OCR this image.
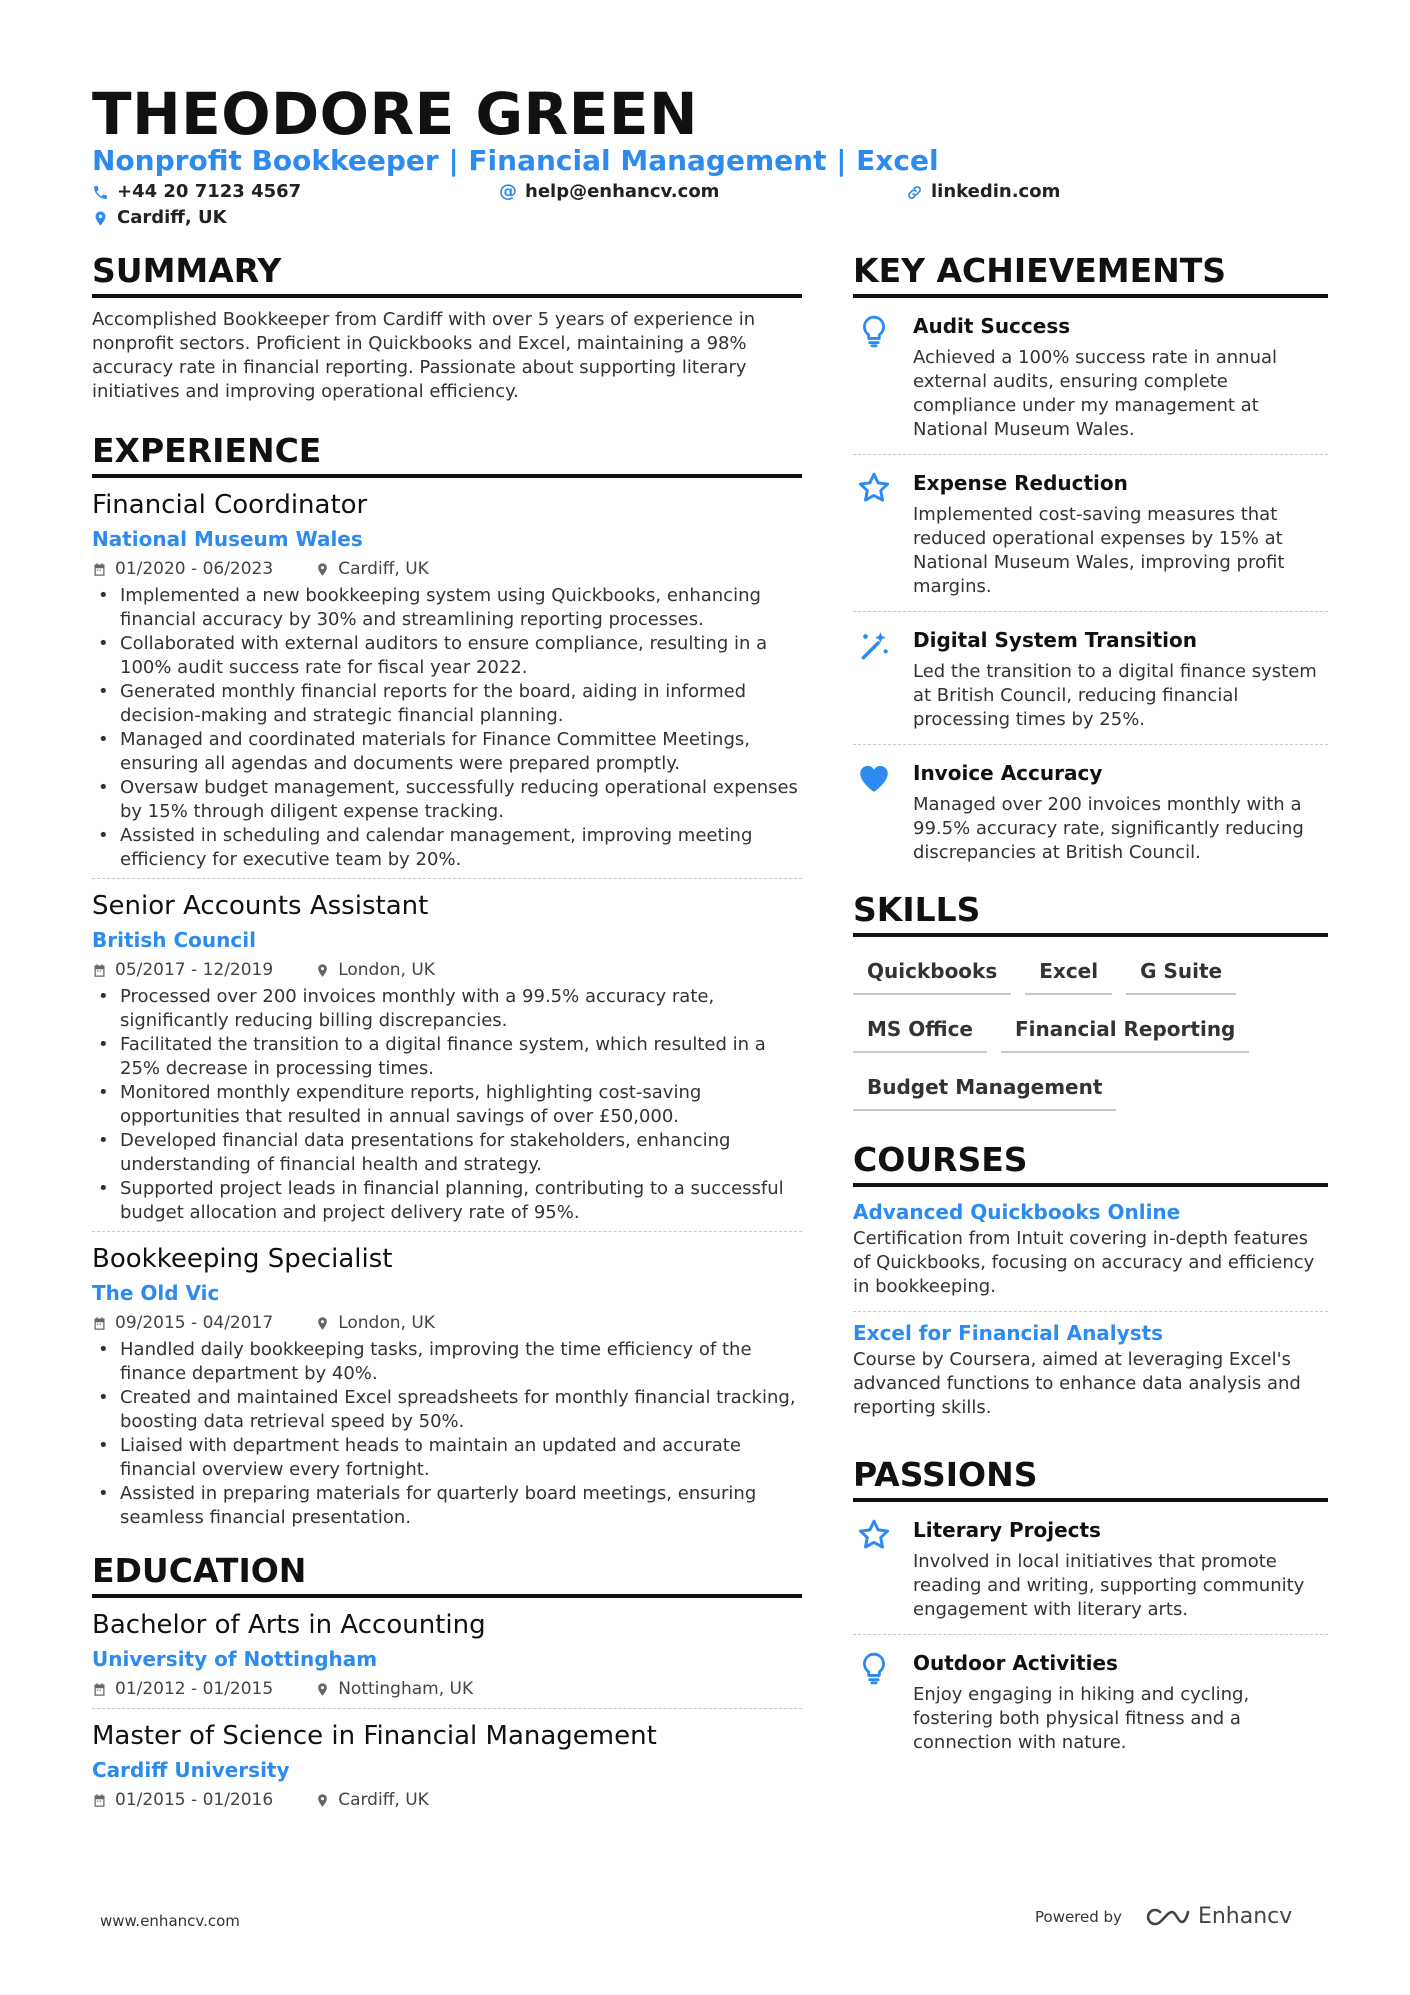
THEODORE GREEN
Nonprofit Bookkeeper | Financial Management | Excel
+44 20 7123 4567	@ help@enhancv.com	linkedin.com
Cardiff, UK
SUMMARY
Accomplished Bookkeeper from Cardiff with over 5 years of experience in nonprofit sectors. Proficient in Quickbooks and Excel, maintaining a 98% accuracy rate in financial reporting. Passionate about supporting literary initiatives and improving operational efficiency.
EXPERIENCE
Financial Coordinator
National Museum Wales
01/2020 - 06/2023	Cardiff, UK
• Implemented a new bookkeeping system using Quickbooks, enhancing financial accuracy by 30% and streamlining reporting processes.
• Collaborated with external auditors to ensure compliance, resulting in a 100% audit success rate for fiscal year 2022.
• Generated monthly financial reports for the board, aiding in informed decision-making and strategic financial planning.
• Managed and coordinated materials for Finance Committee Meetings, ensuring all agendas and documents were prepared promptly.
• Oversaw budget management, successfully reducing operational expenses by 15% through diligent expense tracking.
• Assisted in scheduling and calendar management, improving meeting efficiency for executive team by 20%.
Senior Accounts Assistant
British Council
05/2017 - 12/2019	London, UK
• Processed over 200 invoices monthly with a 99.5% accuracy rate, significantly reducing billing discrepancies.
• Facilitated the transition to a digital finance system, which resulted in a 25% decrease in processing times.
• Monitored monthly expenditure reports, highlighting cost-saving opportunities that resulted in annual savings of over £50,000.
• Developed financial data presentations for stakeholders, enhancing understanding of financial health and strategy.
• Supported project leads in financial planning, contributing to a successful budget allocation and project delivery rate of 95%.
Bookkeeping Specialist
The Old Vic
09/2015 - 04/2017	London, UK
• Handled daily bookkeeping tasks, improving the time efficiency of the finance department by 40%.
• Created and maintained Excel spreadsheets for monthly financial tracking, boosting data retrieval speed by 50%.
• Liaised with department heads to maintain an updated and accurate financial overview every fortnight.
• Assisted in preparing materials for quarterly board meetings, ensuring seamless financial presentation.
EDUCATION
Bachelor of Arts in Accounting
University of Nottingham
01/2012 - 01/2015	Nottingham, UK
Master of Science in Financial Management
Cardiff University
01/2015 - 01/2016	Cardiff, UK
KEY ACHIEVEMENTS
Audit Success
Achieved a 100% success rate in annual external audits, ensuring complete compliance under my management at National Museum Wales.
Expense Reduction
Implemented cost-saving measures that reduced operational expenses by 15% at National Museum Wales, improving profit margins.
Digital System Transition
Led the transition to a digital finance system at British Council, reducing financial processing times by 25%.
Invoice Accuracy
Managed over 200 invoices monthly with a 99.5% accuracy rate, significantly reducing discrepancies at British Council.
SKILLS
Quickbooks	Excel	G Suite
MS Office	Financial Reporting
Budget Management
COURSES
Advanced Quickbooks Online
Certification from Intuit covering in-depth features of Quickbooks, focusing on accuracy and efficiency in bookkeeping.
Excel for Financial Analysts
Course by Coursera, aimed at leveraging Excel's advanced functions to enhance data analysis and reporting skills.
PASSIONS
Literary Projects
Involved in local initiatives that promote reading and writing, supporting community engagement with literary arts.
Outdoor Activities
Enjoy engaging in hiking and cycling, fostering both physical fitness and a connection with nature.
www.enhancv.com	Powered by	Enhancv
